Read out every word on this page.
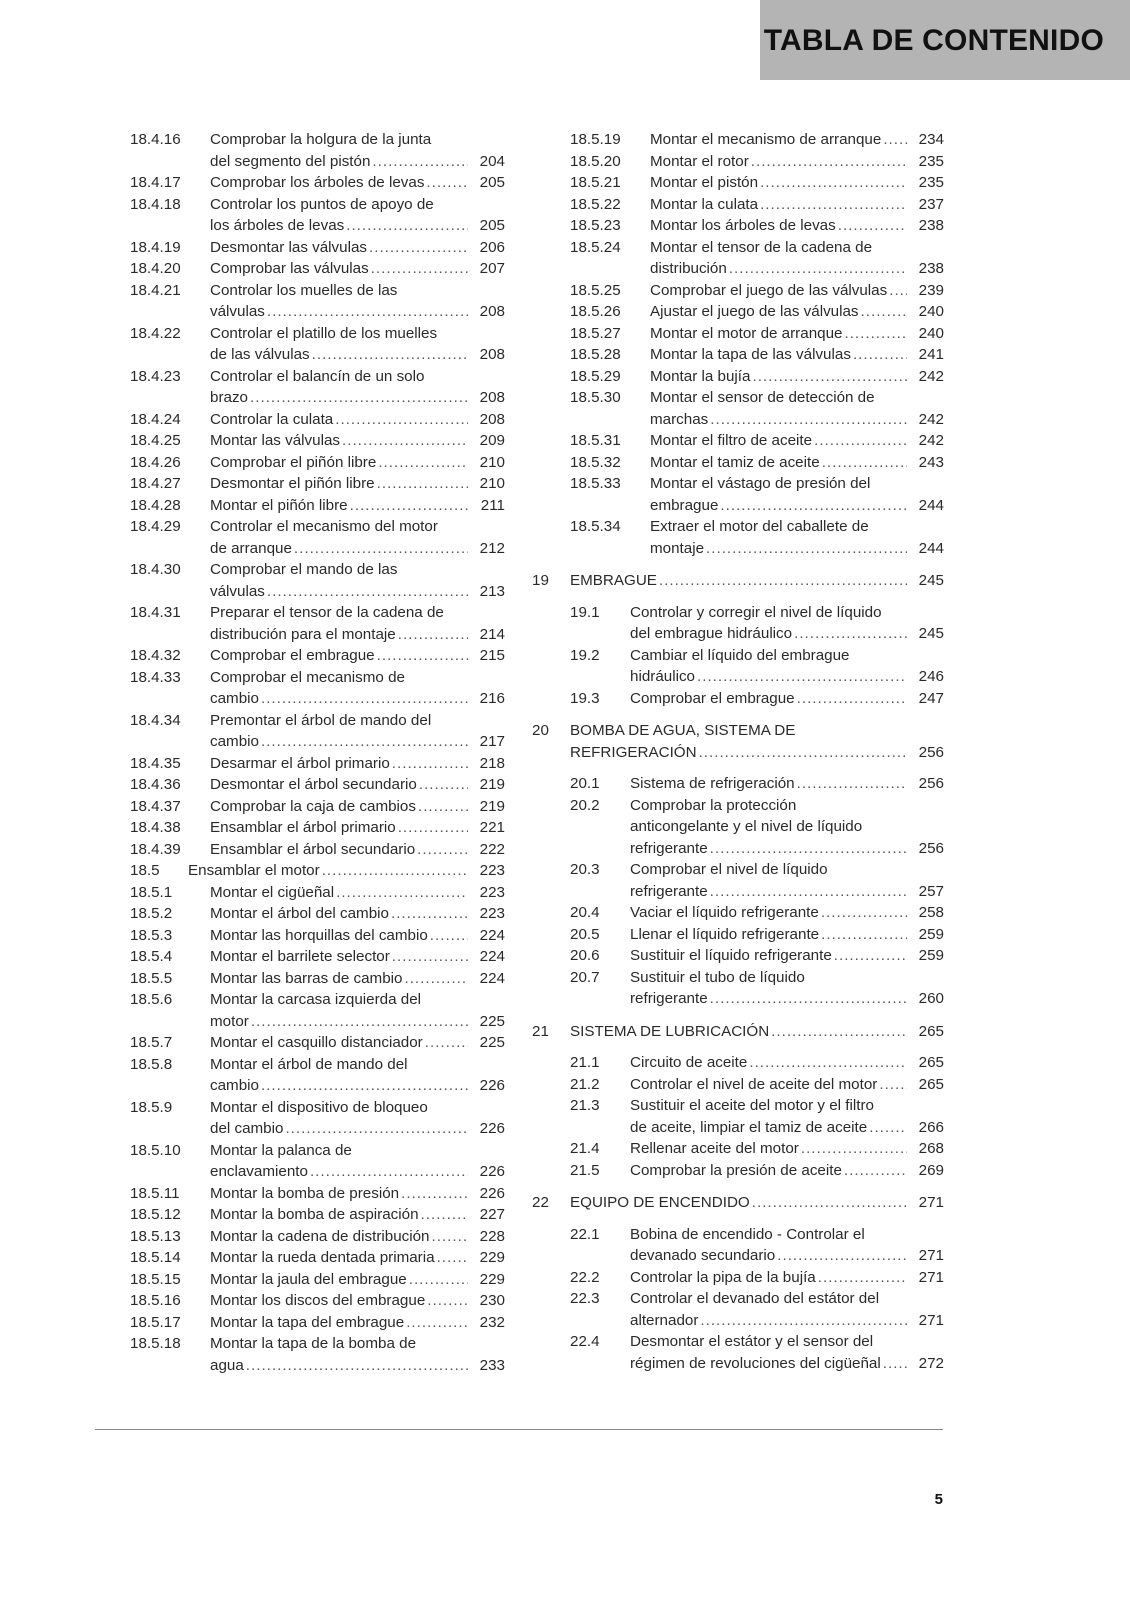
TABLA DE CONTENIDO
18.4.16	Comprobar la holgura de la junta
del segmento del pistón .....	204
18.4.17	Comprobar los árboles de levas .....	205
18.4.18	Controlar los puntos de apoyo de
los árboles de levas .....	205
18.4.19	Desmontar las válvulas .....	206
18.4.20	Comprobar las válvulas .....	207
18.4.21	Controlar los muelles de las
válvulas .....	208
18.4.22	Controlar el platillo de los muelles
de las válvulas .....	208
18.4.23	Controlar el balancín de un solo
brazo .....	208
18.4.24	Controlar la culata .....	208
18.4.25	Montar las válvulas .....	209
18.4.26	Comprobar el piñón libre .....	210
18.4.27	Desmontar el piñón libre .....	210
18.4.28	Montar el piñón libre .....	211
18.4.29	Controlar el mecanismo del motor
de arranque .....	212
18.4.30	Comprobar el mando de las
válvulas .....	213
18.4.31	Preparar el tensor de la cadena de
distribución para el montaje .....	214
18.4.32	Comprobar el embrague .....	215
18.4.33	Comprobar el mecanismo de
cambio .....	216
18.4.34	Premontar el árbol de mando del
cambio .....	217
18.4.35	Desarmar el árbol primario .....	218
18.4.36	Desmontar el árbol secundario .....	219
18.4.37	Comprobar la caja de cambios .....	219
18.4.38	Ensamblar el árbol primario .....	221
18.4.39	Ensamblar el árbol secundario .....	222
18.5	Ensamblar el motor .....	223
18.5.1	Montar el cigüeñal .....	223
18.5.2	Montar el árbol del cambio .....	223
18.5.3	Montar las horquillas del cambio .....	224
18.5.4	Montar el barrilete selector .....	224
18.5.5	Montar las barras de cambio .....	224
18.5.6	Montar la carcasa izquierda del
motor .....	225
18.5.7	Montar el casquillo distanciador .....	225
18.5.8	Montar el árbol de mando del
cambio .....	226
18.5.9	Montar el dispositivo de bloqueo
del cambio .....	226
18.5.10	Montar la palanca de
enclavamiento .....	226
18.5.11	Montar la bomba de presión .....	226
18.5.12	Montar la bomba de aspiración .....	227
18.5.13	Montar la cadena de distribución .....	228
18.5.14	Montar la rueda dentada primaria .....	229
18.5.15	Montar la jaula del embrague .....	229
18.5.16	Montar los discos del embrague .....	230
18.5.17	Montar la tapa del embrague .....	232
18.5.18	Montar la tapa de la bomba de
agua .....	233
18.5.19	Montar el mecanismo de arranque .....	234
18.5.20	Montar el rotor .....	235
18.5.21	Montar el pistón .....	235
18.5.22	Montar la culata .....	237
18.5.23	Montar los árboles de levas .....	238
18.5.24	Montar el tensor de la cadena de
distribución .....	238
18.5.25	Comprobar el juego de las válvulas .....	239
18.5.26	Ajustar el juego de las válvulas .....	240
18.5.27	Montar el motor de arranque .....	240
18.5.28	Montar la tapa de las válvulas .....	241
18.5.29	Montar la bujía .....	242
18.5.30	Montar el sensor de detección de
marchas .....	242
18.5.31	Montar el filtro de aceite .....	242
18.5.32	Montar el tamiz de aceite .....	243
18.5.33	Montar el vástago de presión del
embrague .....	244
18.5.34	Extraer el motor del caballete de
montaje .....	244
19	EMBRAGUE .....	245
19.1	Controlar y corregir el nivel de líquido
del embrague hidráulico .....	245
19.2	Cambiar el líquido del embrague
hidráulico .....	246
19.3	Comprobar el embrague .....	247
20	BOMBA DE AGUA, SISTEMA DE
REFRIGERACIÓN .....	256
20.1	Sistema de refrigeración .....	256
20.2	Comprobar la protección
anticongelante y el nivel de líquido
refrigerante .....	256
20.3	Comprobar el nivel de líquido
refrigerante .....	257
20.4	Vaciar el líquido refrigerante .....	258
20.5	Llenar el líquido refrigerante .....	259
20.6	Sustituir el líquido refrigerante .....	259
20.7	Sustituir el tubo de líquido
refrigerante .....	260
21	SISTEMA DE LUBRICACIÓN .....	265
21.1	Circuito de aceite .....	265
21.2	Controlar el nivel de aceite del motor .....	265
21.3	Sustituir el aceite del motor y el filtro
de aceite, limpiar el tamiz de aceite .....	266
21.4	Rellenar aceite del motor .....	268
21.5	Comprobar la presión de aceite .....	269
22	EQUIPO DE ENCENDIDO .....	271
22.1	Bobina de encendido - Controlar el
devanado secundario .....	271
22.2	Controlar la pipa de la bujía .....	271
22.3	Controlar el devanado del estátor del
alternador .....	271
22.4	Desmontar el estátor y el sensor del
régimen de revoluciones del cigüeñal .....	272
5
